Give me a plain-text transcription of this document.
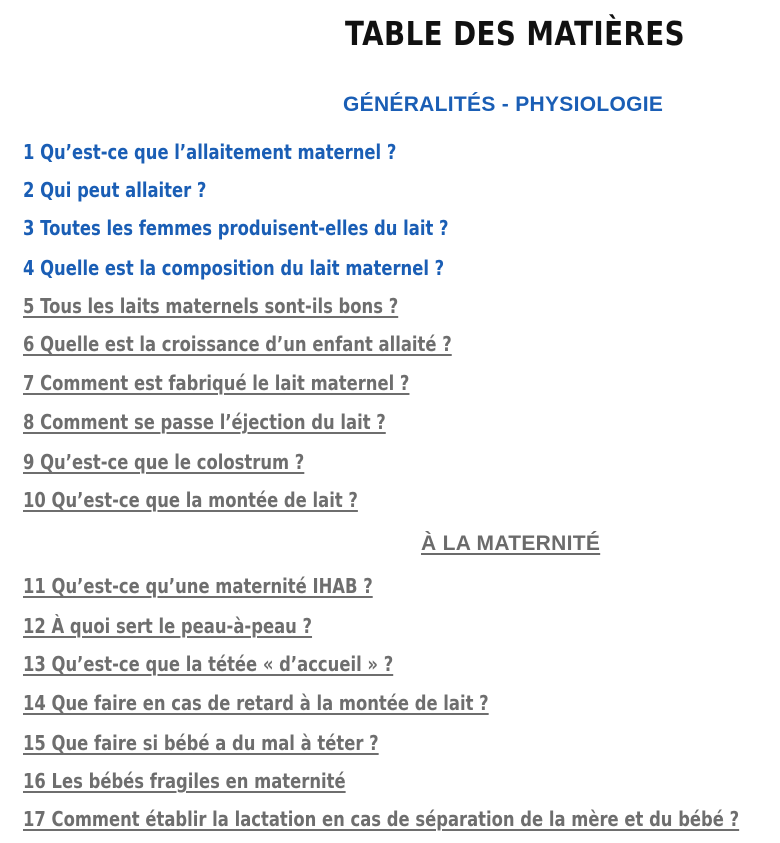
TABLE DES MATIÈRES
GÉNÉRALITÉS - PHYSIOLOGIE
1 Qu’est-ce que l’allaitement maternel ?
2 Qui peut allaiter ?
3 Toutes les femmes produisent-elles du lait ?
4 Quelle est la composition du lait maternel ?
5 Tous les laits maternels sont-ils bons ?
6 Quelle est la croissance d’un enfant allaité ?
7 Comment est fabriqué le lait maternel ?
8 Comment se passe l’éjection du lait ?
9 Qu’est-ce que le colostrum ?
10 Qu’est-ce que la montée de lait ?
À LA MATERNITÉ
11 Qu’est-ce qu’une maternité IHAB ?
12 À quoi sert le peau-à-peau ?
13 Qu’est-ce que la tétée « d’accueil » ?
14 Que faire en cas de retard à la montée de lait ?
15 Que faire si bébé a du mal à téter ?
16 Les bébés fragiles en maternité
17 Comment établir la lactation en cas de séparation de la mère et du bébé ?
